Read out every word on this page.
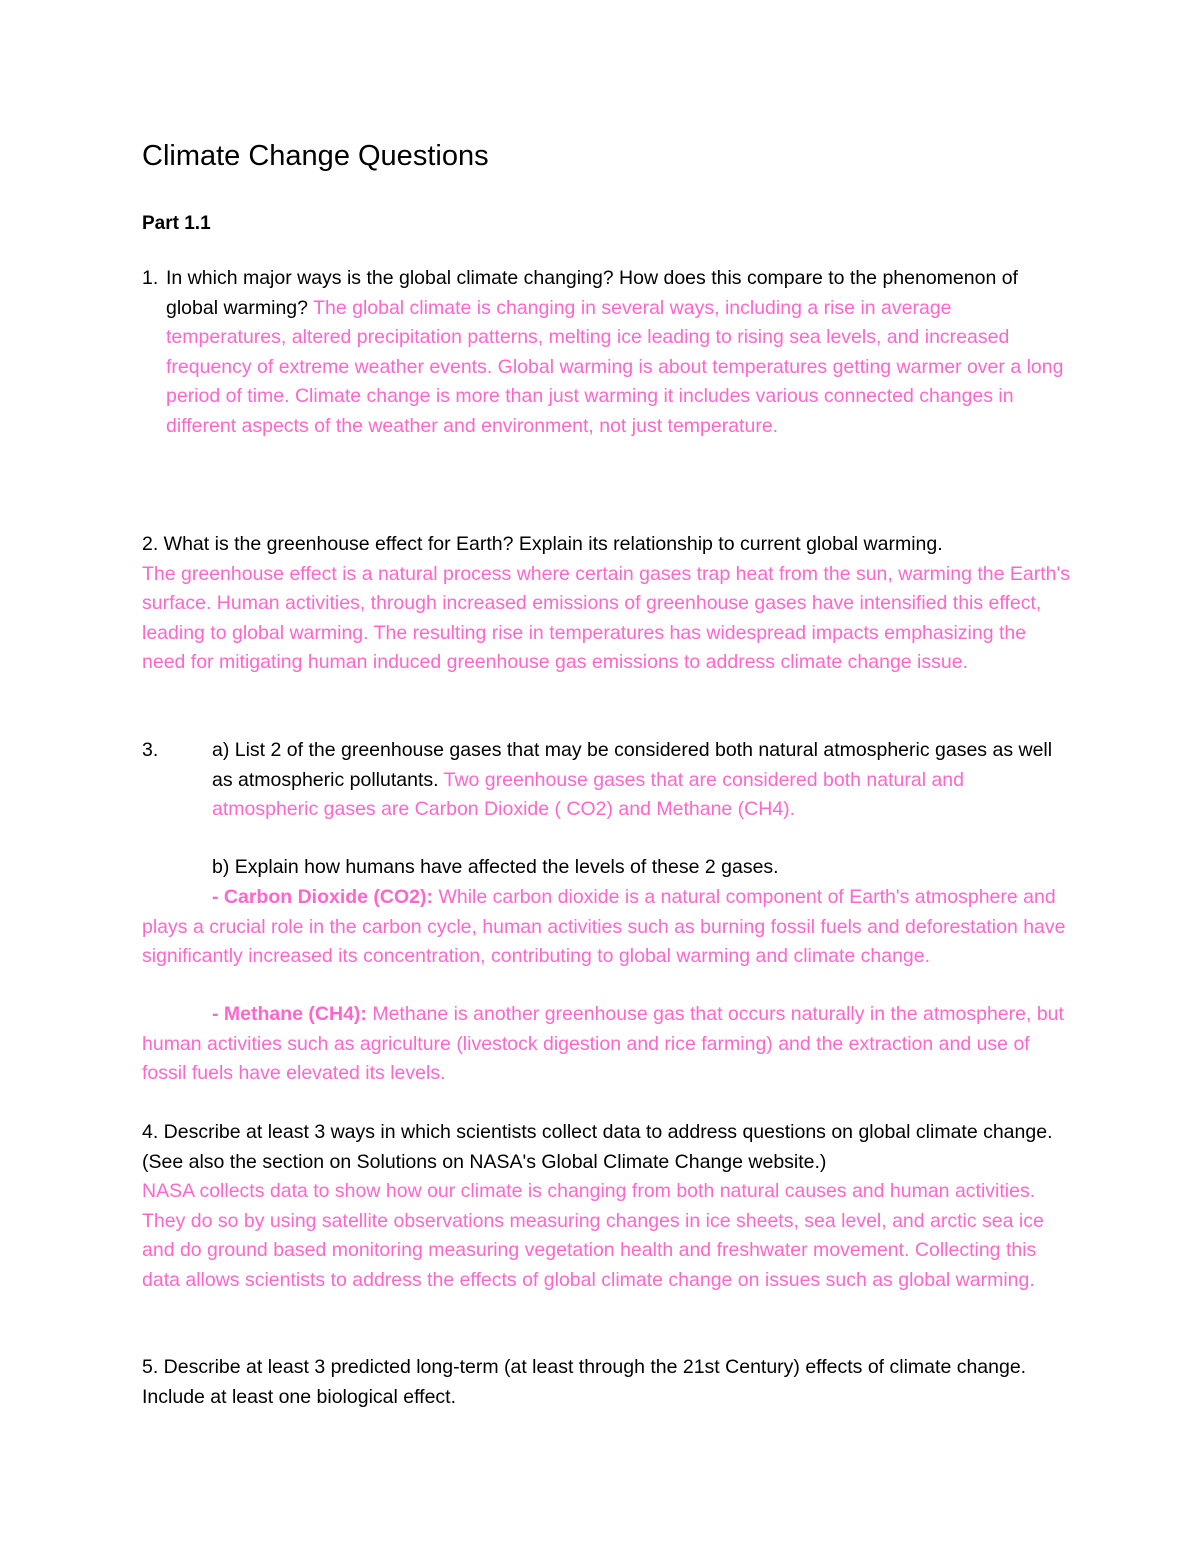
Climate Change Questions
Part 1.1
1. In which major ways is the global climate changing? How does this compare to the phenomenon of global warming? The global climate is changing in several ways, including a rise in average temperatures, altered precipitation patterns, melting ice leading to rising sea levels, and increased frequency of extreme weather events. Global warming is about temperatures getting warmer over a long period of time. Climate change is more than just warming it includes various connected changes in different aspects of the weather and environment, not just temperature.
2. What is the greenhouse effect for Earth? Explain its relationship to current global warming.
The greenhouse effect is a natural process where certain gases trap heat from the sun, warming the Earth's surface. Human activities, through increased emissions of greenhouse gases have intensified this effect, leading to global warming. The resulting rise in temperatures has widespread impacts emphasizing the need for mitigating human induced greenhouse gas emissions to address climate change issue.
3.	a) List 2 of the greenhouse gases that may be considered both natural atmospheric gases as well as atmospheric pollutants. Two greenhouse gases that are considered both natural and atmospheric gases are Carbon Dioxide ( CO2) and Methane (CH4).
b) Explain how humans have affected the levels of these 2 gases.
- Carbon Dioxide (CO2): While carbon dioxide is a natural component of Earth's atmosphere and plays a crucial role in the carbon cycle, human activities such as burning fossil fuels and deforestation have significantly increased its concentration, contributing to global warming and climate change.
- Methane (CH4): Methane is another greenhouse gas that occurs naturally in the atmosphere, but human activities such as agriculture (livestock digestion and rice farming) and the extraction and use of fossil fuels have elevated its levels.
4. Describe at least 3 ways in which scientists collect data to address questions on global climate change. (See also the section on Solutions on NASA's Global Climate Change website.)
NASA collects data to show how our climate is changing from both natural causes and human activities. They do so by using satellite observations measuring changes in ice sheets, sea level, and arctic sea ice and do ground based monitoring measuring vegetation health and freshwater movement. Collecting this data allows scientists to address the effects of global climate change on issues such as global warming.
5. Describe at least 3 predicted long-term (at least through the 21st Century) effects of climate change. Include at least one biological effect.
